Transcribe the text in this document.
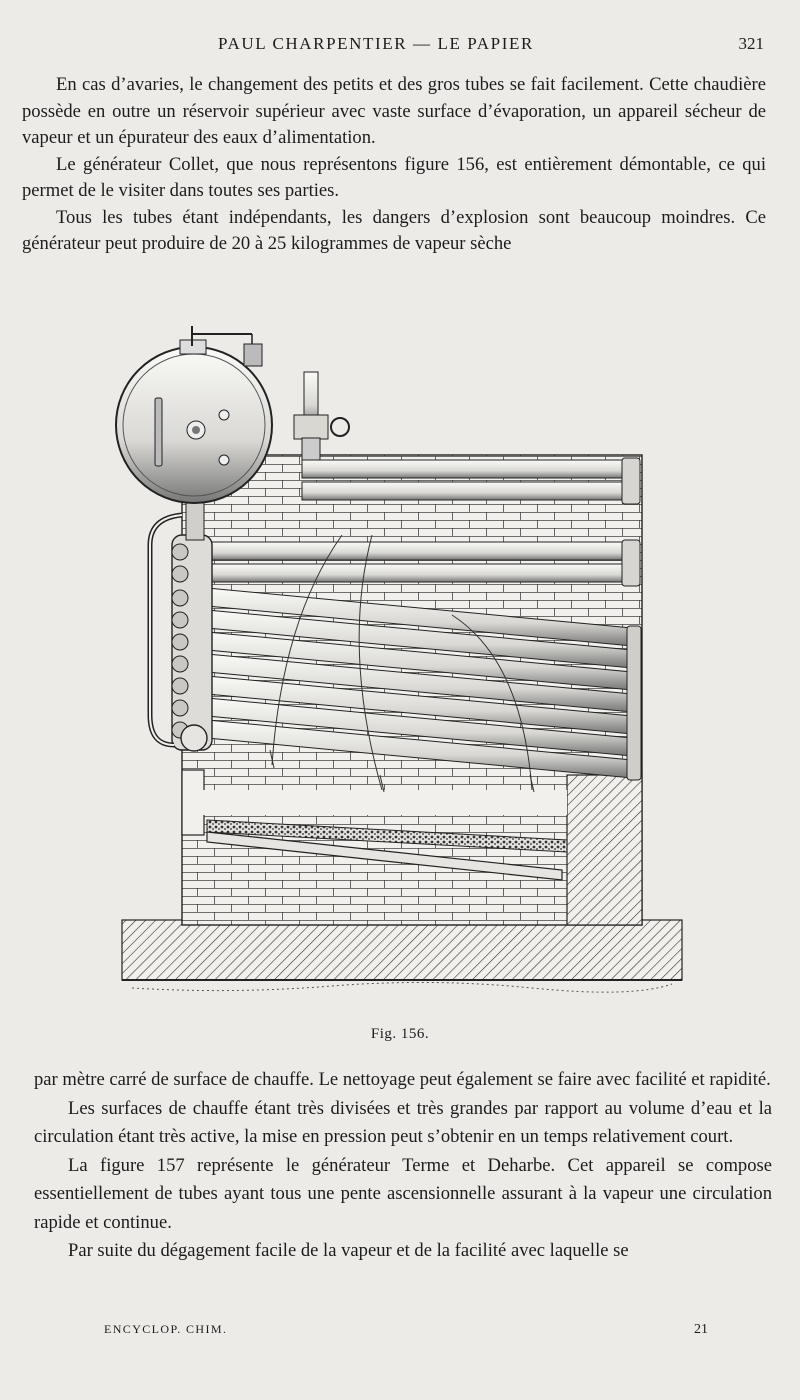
PAUL CHARPENTIER — LE PAPIER	321

En cas d’avaries, le changement des petits et des gros tubes se fait facilement. Cette chaudière possède en outre un réservoir supérieur avec vaste surface d’évaporation, un appareil sécheur de vapeur et un épurateur des eaux d’alimentation.

Le générateur Collet, que nous représentons figure 156, est entièrement démontable, ce qui permet de le visiter dans toutes ses parties.

Tous les tubes étant indépendants, les dangers d’explosion sont beaucoup moindres. Ce générateur peut produire de 20 à 25 kilogrammes de vapeur sèche

Fig. 156.

par mètre carré de surface de chauffe. Le nettoyage peut également se faire avec facilité et rapidité.

Les surfaces de chauffe étant très divisées et très grandes par rapport au volume d’eau et la circulation étant très active, la mise en pression peut s’obtenir en un temps relativement court.

La figure 157 représente le générateur Terme et Deharbe. Cet appareil se compose essentiellement de tubes ayant tous une pente ascensionnelle assurant à la vapeur une circulation rapide et continue.

Par suite du dégagement facile de la vapeur et de la facilité avec laquelle se

ENCYCLOP. CHIM.	21
